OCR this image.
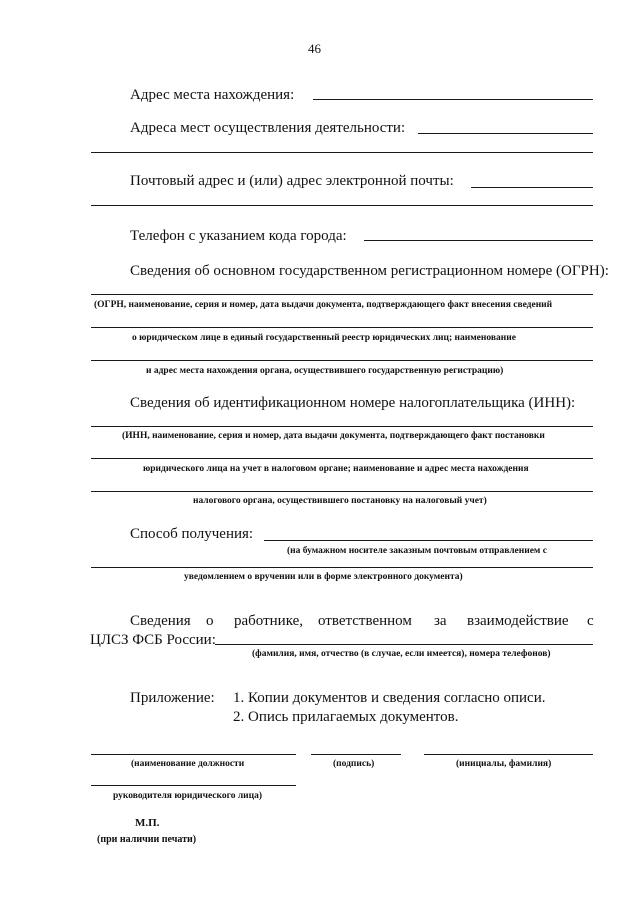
46
Адрес места нахождения:
Адреса мест осуществления деятельности:
Почтовый адрес и (или) адрес электронной почты:
Телефон с указанием кода города:
Сведения об основном государственном регистрационном номере (ОГРН):
(ОГРН, наименование, серия и номер, дата выдачи документа, подтверждающего факт внесения сведений
о юридическом лице в единый государственный реестр юридических лиц; наименование
и адрес места нахождения органа, осуществившего государственную регистрацию)
Сведения об идентификационном номере налогоплательщика (ИНН):
(ИНН, наименование, серия и номер, дата выдачи документа, подтверждающего факт постановки
юридического лица на учет в налоговом органе; наименование и адрес места нахождения
налогового органа, осуществившего постановку на налоговый учет)
Способ получения:
(на бумажном носителе заказным почтовым отправлением с
уведомлением о вручении или в форме электронного документа)
Сведения о работнике, ответственном за взаимодействие с
ЦЛСЗ ФСБ России:
(фамилия, имя, отчество (в случае, если имеется), номера телефонов)
Приложение: 1. Копии документов и сведения согласно описи.
2. Опись прилагаемых документов.
(наименование должности	(подпись)	(инициалы, фамилия)
руководителя юридического лица)
М.П.
(при наличии печати)
